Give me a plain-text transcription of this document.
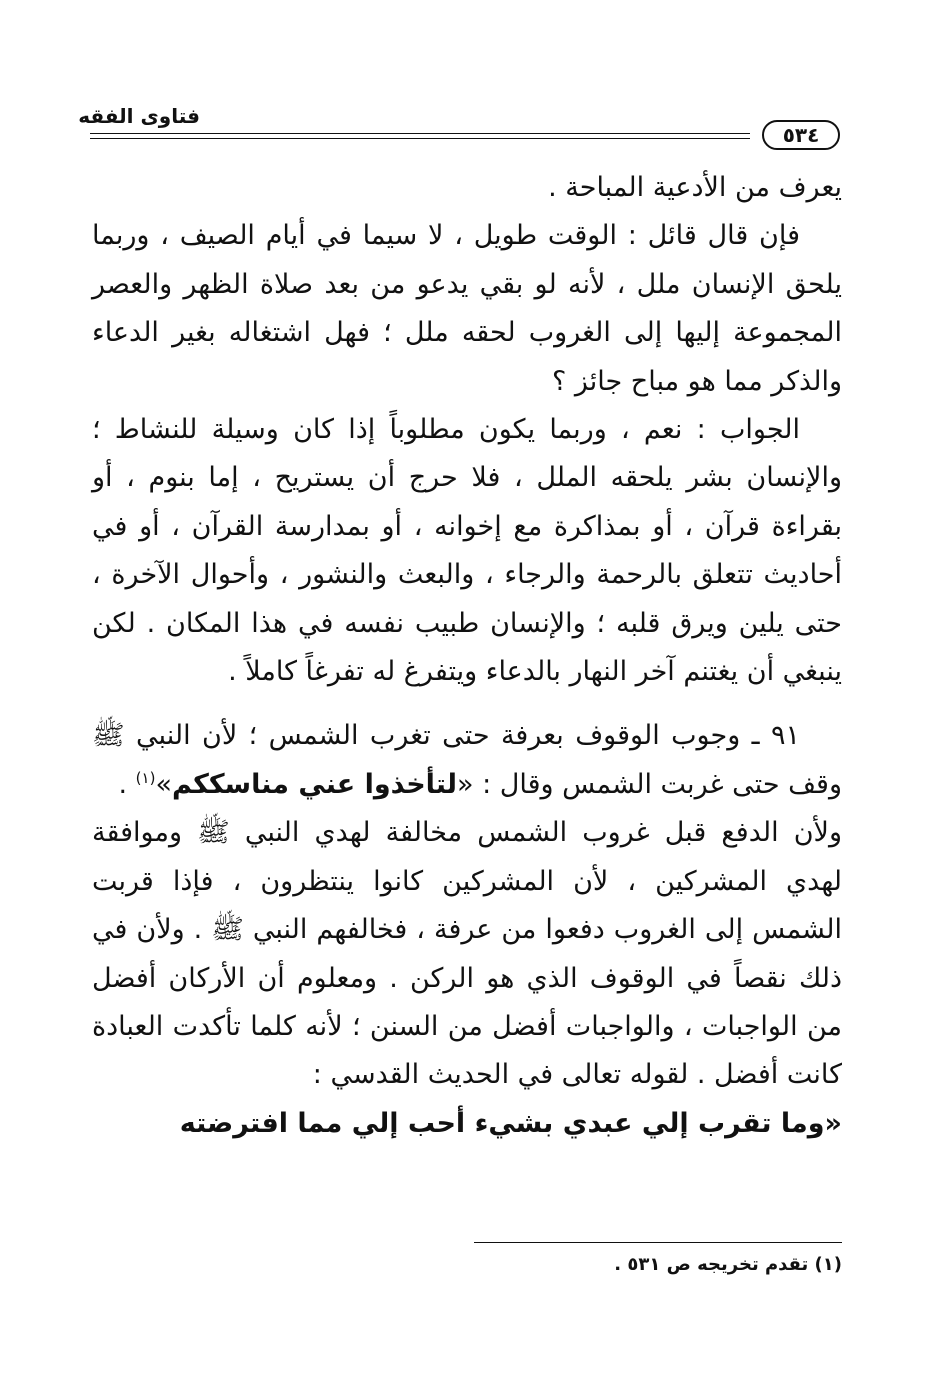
فتاوى الفقه
٥٣٤

يعرف من الأدعية المباحة .

فإن قال قائل : الوقت طويل ، لا سيما في أيام الصيف ، وربما يلحق الإنسان ملل ، لأنه لو بقي يدعو من بعد صلاة الظهر والعصر المجموعة إليها إلى الغروب لحقه ملل ؛ فهل اشتغاله بغير الدعاء والذكر مما هو مباح جائز ؟

الجواب : نعم ، وربما يكون مطلوباً إذا كان وسيلة للنشاط ؛ والإنسان بشر يلحقه الملل ، فلا حرج أن يستريح ، إما بنوم ، أو بقراءة قرآن ، أو بمذاكرة مع إخوانه ، أو بمدارسة القرآن ، أو في أحاديث تتعلق بالرحمة والرجاء ، والبعث والنشور ، وأحوال الآخرة ، حتى يلين ويرق قلبه ؛ والإنسان طبيب نفسه في هذا المكان . لكن ينبغي أن يغتنم آخر النهار بالدعاء ويتفرغ له تفرغاً كاملاً .

٩١ ـ وجوب الوقوف بعرفة حتى تغرب الشمس ؛ لأن النبي ﷺ وقف حتى غربت الشمس وقال : «لتأخذوا عني مناسككم»$^{(١)}$ .

ولأن الدفع قبل غروب الشمس مخالفة لهدي النبي ﷺ وموافقة لهدي المشركين ، لأن المشركين كانوا ينتظرون ، فإذا قربت الشمس إلى الغروب دفعوا من عرفة ، فخالفهم النبي ﷺ . ولأن في ذلك نقصاً في الوقوف الذي هو الركن . ومعلوم أن الأركان أفضل من الواجبات ، والواجبات أفضل من السنن ؛ لأنه كلما تأكدت العبادة كانت أفضل . لقوله تعالى في الحديث القدسي :

«وما تقرب إلي عبدي بشيء أحب إلي مما افترضته

(١) تقدم تخريجه ص ٥٣١ .
